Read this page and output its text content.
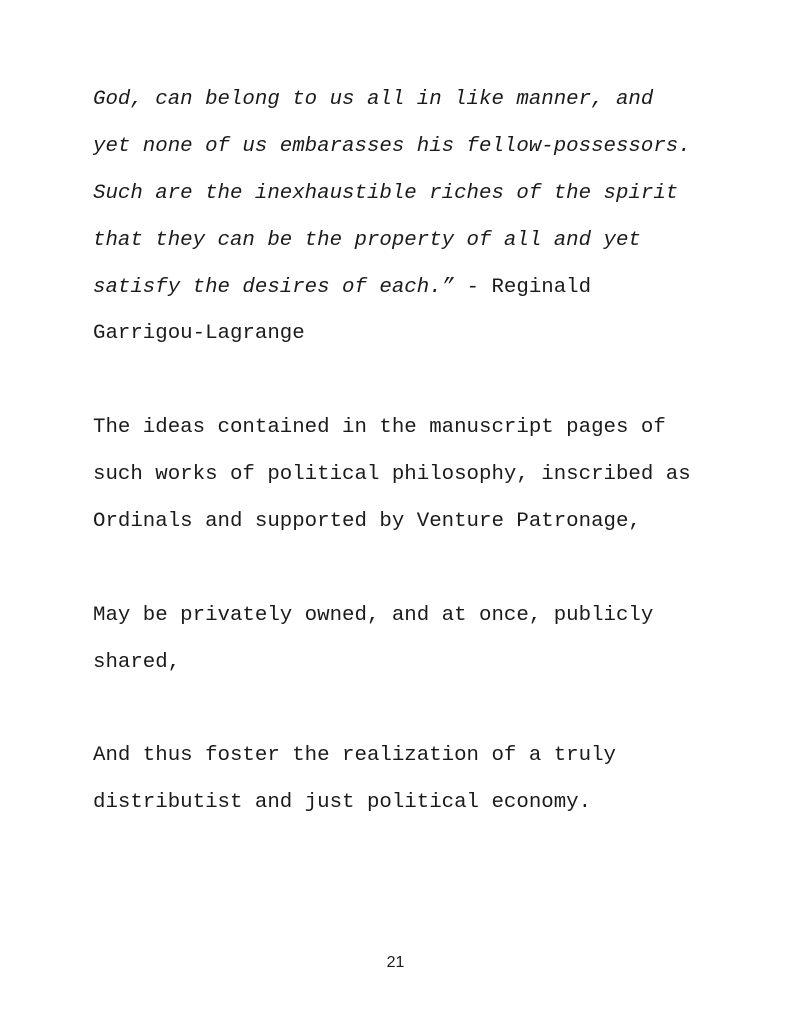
God, can belong to us all in like manner, and
yet none of us embarasses his fellow-possessors.
Such are the inexhaustible riches of the spirit
that they can be the property of all and yet
satisfy the desires of each.” - Reginald
Garrigou-Lagrange
The ideas contained in the manuscript pages of
such works of political philosophy, inscribed as
Ordinals and supported by Venture Patronage,
May be privately owned, and at once, publicly
shared,
And thus foster the realization of a truly
distributist and just political economy.
21
